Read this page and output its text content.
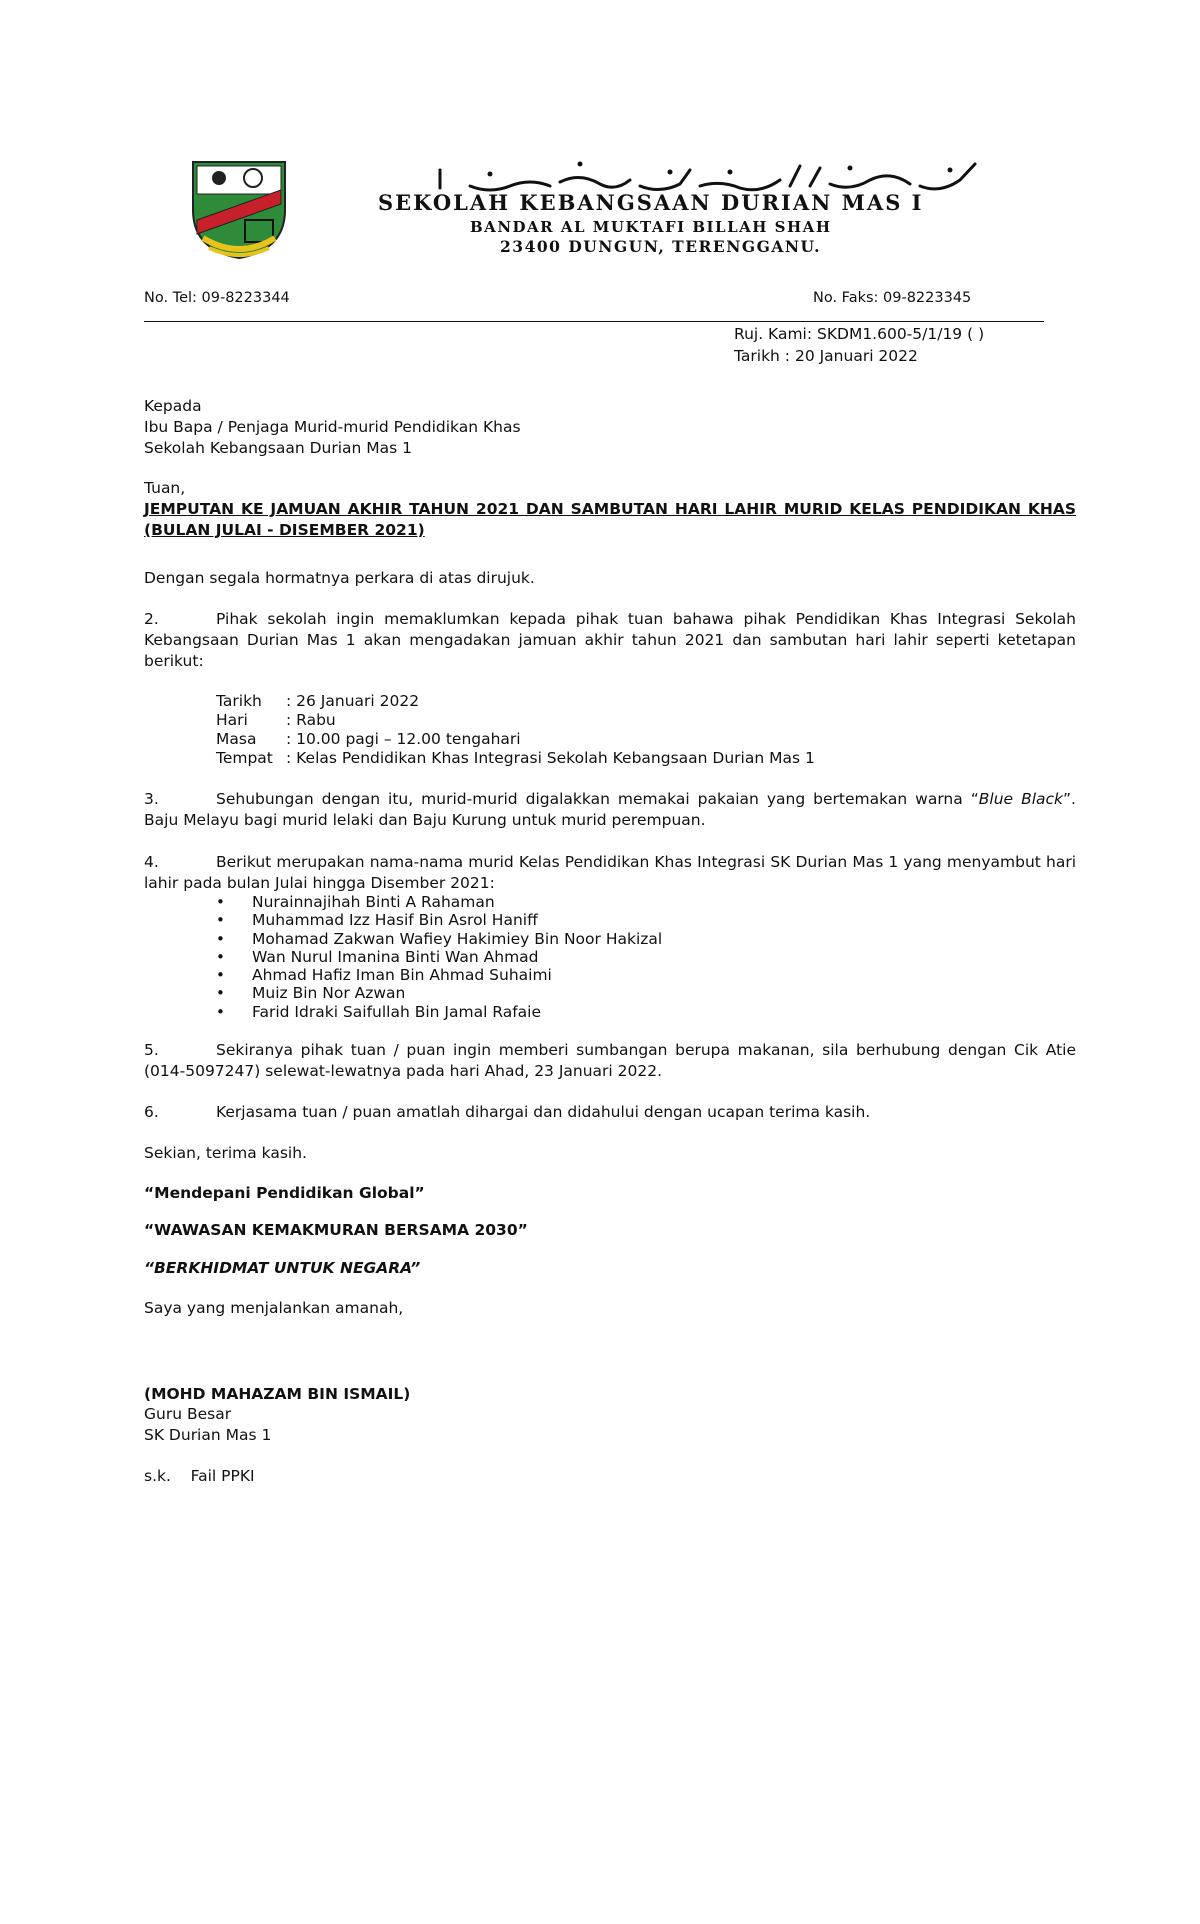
SEKOLAH KEBANGSAAN DURIAN MAS I
BANDAR AL MUKTAFI BILLAH SHAH
23400 DUNGUN, TERENGGANU.
No. Tel: 09-8223344	No. Faks: 09-8223345
Ruj. Kami: SKDM1.600-5/1/19 ( )
Tarikh : 20 Januari 2022
Kepada
Ibu Bapa / Penjaga Murid-murid Pendidikan Khas
Sekolah Kebangsaan Durian Mas 1
Tuan,
JEMPUTAN KE JAMUAN AKHIR TAHUN 2021 DAN SAMBUTAN HARI LAHIR MURID KELAS PENDIDIKAN KHAS (BULAN JULAI - DISEMBER 2021)
Dengan segala hormatnya perkara di atas dirujuk.
2.	Pihak sekolah ingin memaklumkan kepada pihak tuan bahawa pihak Pendidikan Khas Integrasi Sekolah Kebangsaan Durian Mas 1 akan mengadakan jamuan akhir tahun 2021 dan sambutan hari lahir seperti ketetapan berikut:
Tarikh : 26 Januari 2022
Hari : Rabu
Masa : 10.00 pagi – 12.00 tengahari
Tempat : Kelas Pendidikan Khas Integrasi Sekolah Kebangsaan Durian Mas 1
3.	Sehubungan dengan itu, murid-murid digalakkan memakai pakaian yang bertemakan warna “Blue Black”. Baju Melayu bagi murid lelaki dan Baju Kurung untuk murid perempuan.
4.	Berikut merupakan nama-nama murid Kelas Pendidikan Khas Integrasi SK Durian Mas 1 yang menyambut hari lahir pada bulan Julai hingga Disember 2021:
• Nurainnajihah Binti A Rahaman
• Muhammad Izz Hasif Bin Asrol Haniff
• Mohamad Zakwan Wafiey Hakimiey Bin Noor Hakizal
• Wan Nurul Imanina Binti Wan Ahmad
• Ahmad Hafiz Iman Bin Ahmad Suhaimi
• Muiz Bin Nor Azwan
• Farid Idraki Saifullah Bin Jamal Rafaie
5.	Sekiranya pihak tuan / puan ingin memberi sumbangan berupa makanan, sila berhubung dengan Cik Atie (014-5097247) selewat-lewatnya pada hari Ahad, 23 Januari 2022.
6.	Kerjasama tuan / puan amatlah dihargai dan didahului dengan ucapan terima kasih.
Sekian, terima kasih.
“Mendepani Pendidikan Global”
“WAWASAN KEMAKMURAN BERSAMA 2030”
“BERKHIDMAT UNTUK NEGARA”
Saya yang menjalankan amanah,
(MOHD MAHAZAM BIN ISMAIL)
Guru Besar
SK Durian Mas 1
s.k.    Fail PPKI
